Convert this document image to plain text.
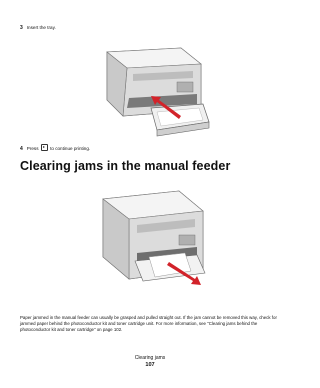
3 Insert the tray.
4 Press	to continue printing.
Clearing jams in the manual feeder
Paper jammed in the manual feeder can usually be grasped and pulled straight out. If the jam cannot be removed this way, check for jammed paper behind the photoconductor kit and toner cartridge unit. For more information, see "Clearing jams behind the photoconductor kit and toner cartridge" on page 102.
Clearing jams
107
